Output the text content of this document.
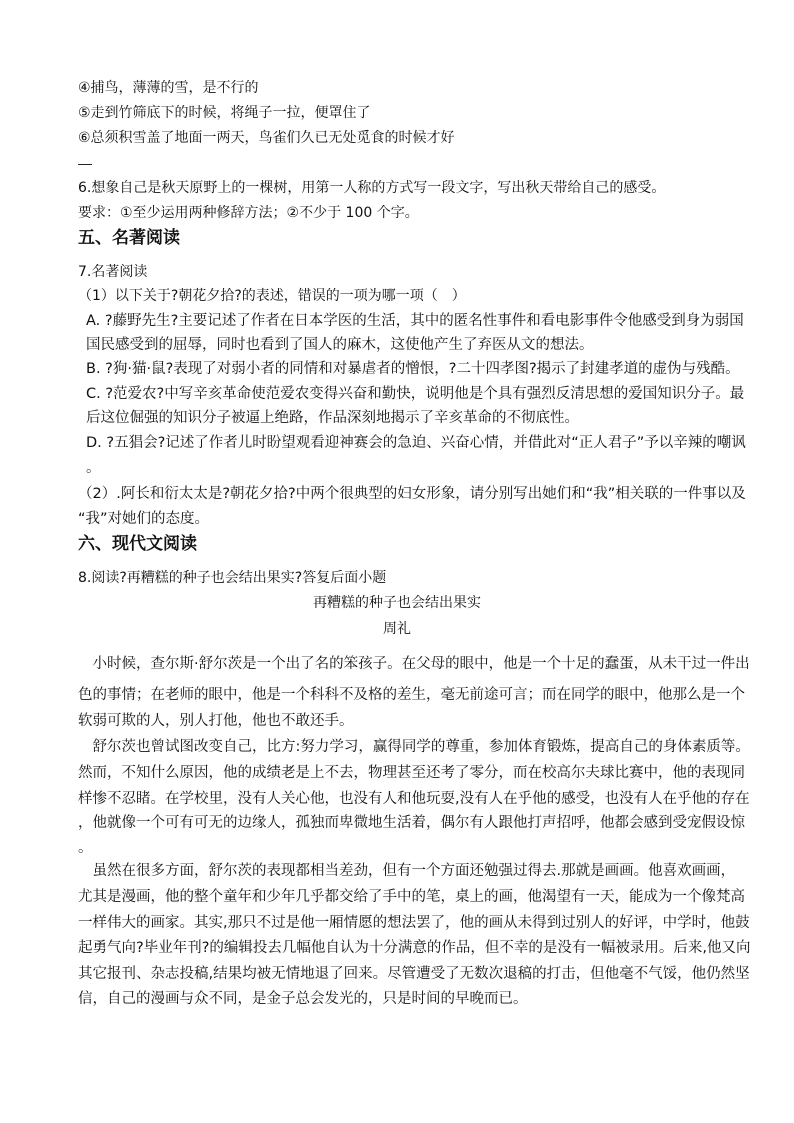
④捕鸟，薄薄的雪，是不行的
⑤走到竹筛底下的时候，将绳子一拉，便罩住了
⑥总须积雪盖了地面一两天，鸟雀们久已无处觅食的时候才好
6.想象自己是秋天原野上的一棵树，用第一人称的方式写一段文字，写出秋天带给自己的感受。
要求：①至少运用两种修辞方法；②不少于 100 个字。
五、名著阅读
7.名著阅读
（1）以下关于?朝花夕拾?的表述，错误的一项为哪一项（　）
A. ?藤野先生?主要记述了作者在日本学医的生活，其中的匿名性事件和看电影事件令他感受到身为弱国
国民感受到的屈辱，同时也看到了国人的麻木，这使他产生了弃医从文的想法。
B. ?狗·猫·鼠?表现了对弱小者的同情和对暴虐者的憎恨，?二十四孝图?揭示了封建孝道的虚伪与残酷。
C. ?范爱农?中写辛亥革命使范爱农变得兴奋和勤快，说明他是个具有强烈反清思想的爱国知识分子。最
后这位倔强的知识分子被逼上绝路，作品深刻地揭示了辛亥革命的不彻底性。
D. ?五猖会?记述了作者儿时盼望观看迎神赛会的急迫、兴奋心情，并借此对“正人君子”予以辛辣的嘲讽
。
（2）.阿长和衍太太是?朝花夕拾?中两个很典型的妇女形象，请分别写出她们和“我”相关联的一件事以及
“我”对她们的态度。
六、现代文阅读
8.阅读?再糟糕的种子也会结出果实?答复后面小题
再糟糕的种子也会结出果实
周礼
　小时候，查尔斯·舒尔茨是一个出了名的笨孩子。在父母的眼中，他是一个十足的蠢蛋，从未干过一件出
色的事情；在老师的眼中，他是一个科科不及格的差生，毫无前途可言；而在同学的眼中，他那么是一个
软弱可欺的人，别人打他，他也不敢还手。
　舒尔茨也曾试图改变自己，比方:努力学习，赢得同学的尊重，参加体育锻炼，提高自己的身体素质等。
然而，不知什么原因，他的成绩老是上不去，物理甚至还考了零分，而在校高尔夫球比赛中，他的表现同
样惨不忍睹。在学校里，没有人关心他，也没有人和他玩耍,没有人在乎他的感受，也没有人在乎他的存在
，他就像一个可有可无的边缘人，孤独而卑微地生活着，偶尔有人跟他打声招呼，他都会感到受宠假设惊
。
　虽然在很多方面，舒尔茨的表现都相当差劲，但有一个方面还勉强过得去.那就是画画。他喜欢画画，
尤其是漫画，他的整个童年和少年几乎都交给了手中的笔，桌上的画，他渴望有一天，能成为一个像梵高
一样伟大的画家。其实,那只不过是他一厢情愿的想法罢了，他的画从未得到过别人的好评，中学时，他鼓
起勇气向?毕业年刊?的编辑投去几幅他自认为十分满意的作品，但不幸的是没有一幅被录用。后来,他又向
其它报刊、杂志投稿,结果均被无情地退了回来。尽管遭受了无数次退稿的打击，但他毫不气馁，他仍然坚
信，自己的漫画与众不同，是金子总会发光的，只是时间的早晚而已。
